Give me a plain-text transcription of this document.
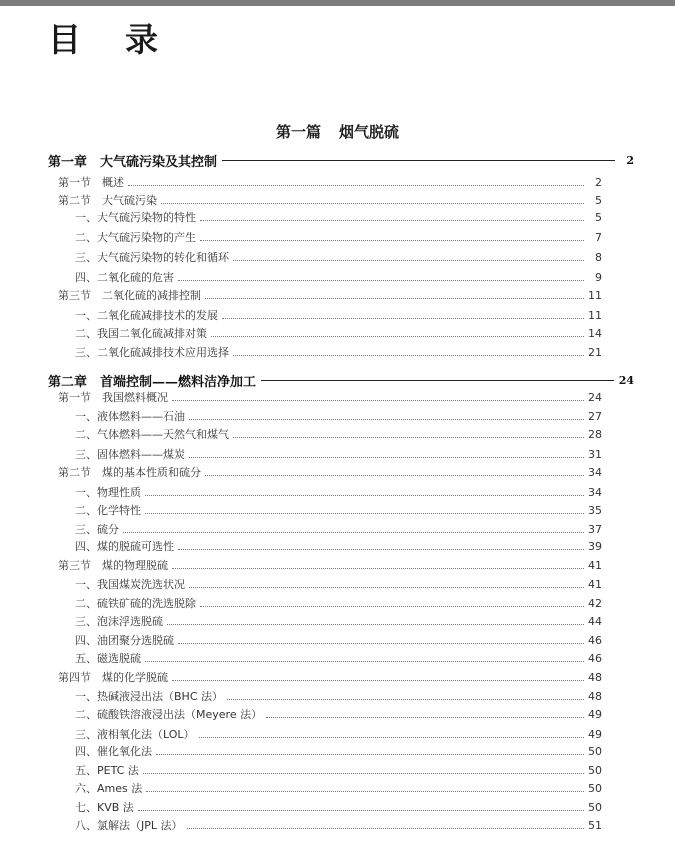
目录
第一篇 烟气脱硫
第一章　大气硫污染及其控制	2
第一节　概述	2
第二节　大气硫污染	5
一、大气硫污染物的特性	5
二、大气硫污染物的产生	7
三、大气硫污染物的转化和循环	8
四、二氧化硫的危害	9
第三节　二氧化硫的减排控制	11
一、二氧化硫减排技术的发展	11
二、我国二氧化硫减排对策	14
三、二氧化硫减排技术应用选择	21
第二章　首端控制——燃料洁净加工	24
第一节　我国燃料概况	24
一、液体燃料——石油	27
二、气体燃料——天然气和煤气	28
三、固体燃料——煤炭	31
第二节　煤的基本性质和硫分	34
一、物理性质	34
二、化学特性	35
三、硫分	37
四、煤的脱硫可选性	39
第三节　煤的物理脱硫	41
一、我国煤炭洗选状况	41
二、硫铁矿硫的洗选脱除	42
三、泡沫浮选脱硫	44
四、油团聚分选脱硫	46
五、磁选脱硫	46
第四节　煤的化学脱硫	48
一、热碱液浸出法（BHC 法）	48
二、硫酸铁溶液浸出法（Meyere 法）	49
三、液相氧化法（LOL）	49
四、催化氧化法	50
五、PETC 法	50
六、Ames 法	50
七、KVB 法	50
八、氯解法（JPL 法）	51
